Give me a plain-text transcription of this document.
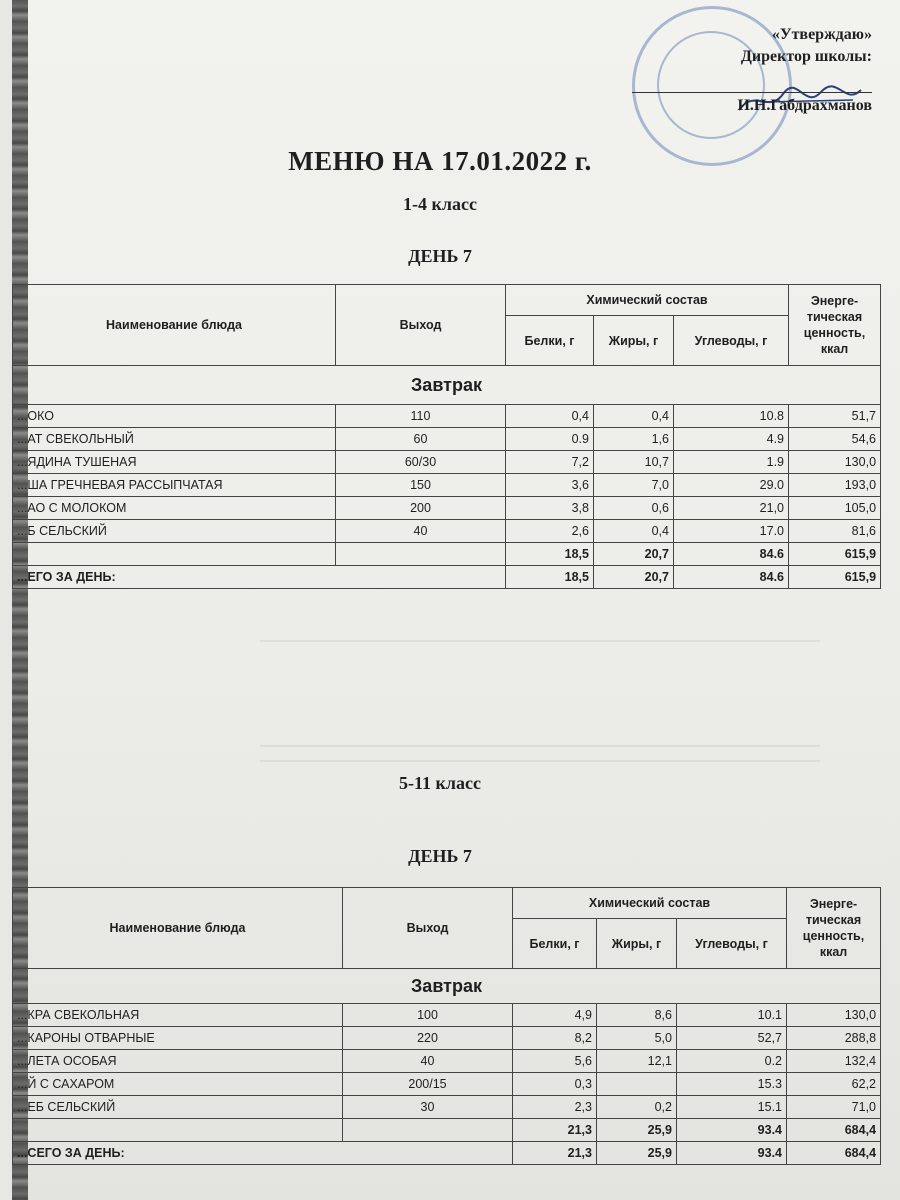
«Утверждаю»
Директор школы:
И.Н.Габдрахманов
МЕНЮ НА 17.01.2022 г.
1-4 класс
ДЕНЬ 7
Наименование блюда	Выход	Химический состав			Энерге-тическая ценность, ккал
		Белки, г	Жиры, г	Углеводы, г	
Завтрак					
...ОКО	110	0,4	0,4	10.8	51,7
...АТ СВЕКОЛЬНЫЙ	60	0.9	1,6	4.9	54,6
...ЯДИНА ТУШЕНАЯ	60/30	7,2	10,7	1.9	130,0
...ША ГРЕЧНЕВАЯ РАССЫПЧАТАЯ	150	3,6	7,0	29.0	193,0
...АО С МОЛОКОМ	200	3,8	0,6	21,0	105,0
...Б СЕЛЬСКИЙ	40	2,6	0,4	17.0	81,6
		18,5	20,7	84.6	615,9
...ЕГО ЗА ДЕНЬ:		18,5	20,7	84.6	615,9
5-11 класс
ДЕНЬ 7
Наименование блюда	Выход	Химический состав			Энерге-тическая ценность, ккал
		Белки, г	Жиры, г	Углеводы, г	
Завтрак					
...КРА СВЕКОЛЬНАЯ	100	4,9	8,6	10.1	130,0
...КАРОНЫ ОТВАРНЫЕ	220	8,2	5,0	52,7	288,8
...ЛЕТА ОСОБАЯ	40	5,6	12,1	0.2	132,4
...Й С САХАРОМ	200/15	0,3		15.3	62,2
...ЕБ СЕЛЬСКИЙ	30	2,3	0,2	15.1	71,0
		21,3	25,9	93.4	684,4
...СЕГО ЗА ДЕНЬ:		21,3	25,9	93.4	684,4
